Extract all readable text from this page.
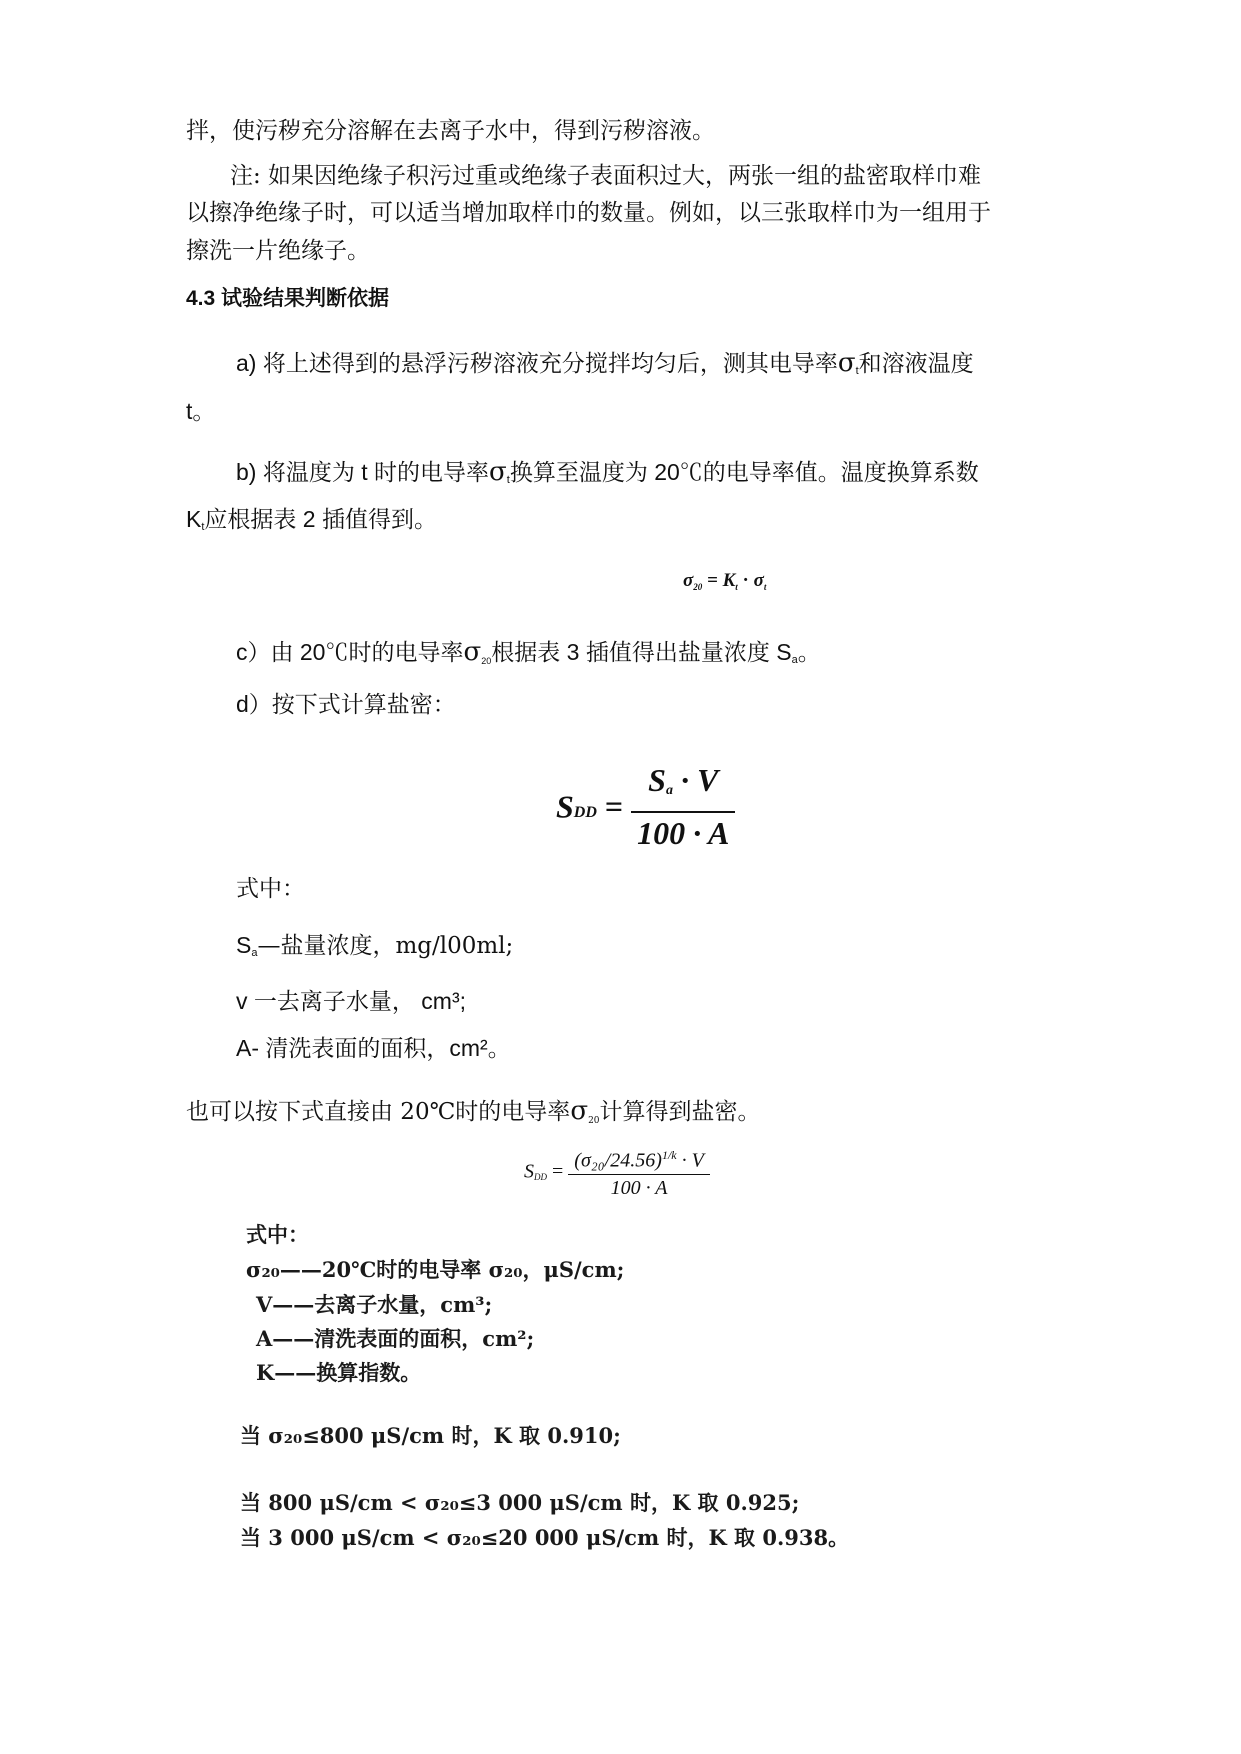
拌，使污秽充分溶解在去离子水中，得到污秽溶液。
注: 如果因绝缘子积污过重或绝缘子表面积过大，两张一组的盐密取样巾难
以擦净绝缘子时，可以适当增加取样巾的数量。例如，以三张取样巾为一组用于
擦洗一片绝缘子。
4.3 试验结果判断依据
a) 将上述得到的悬浮污秽溶液充分搅拌均匀后，测其电导率$\sigma_t$和溶液温度
t。
b) 将温度为 t 时的电导率$\sigma_t$换算至温度为 20℃的电导率值。温度换算系数
$K_t$应根据表 2 插值得到。
$\sigma_{20} = K_t \cdot \sigma_t$
c）由 20℃时的电导率σ20根据表 3 插值得出盐量浓度 $S_a$。
d）按下式计算盐密：
SDD = $\frac{S_a \cdot V}{100 \cdot A}$
式中：
$S_a—$盐量浓度，mg/l00ml;
v 一去离子水量， cm³;
A- 清洗表面的面积，cm²。
也可以按下式直接由 20℃时的电导率σ20计算得到盐密。
$S_{DD} = \frac{(\sigma_{20}/24.56)^{1/k} \cdot V}{100 \cdot A}$
式中：
σ₂₀——20℃时的电导率 σ₂₀，μS/cm;
V——去离子水量，cm³;
A——清洗表面的面积，cm²;
K——换算指数。
当 σ₂₀≤800 μS/cm 时，K 取 0.910;
当 800 μS/cm < σ₂₀≤3 000 μS/cm 时，K 取 0.925;
当 3 000 μS/cm < σ₂₀≤20 000 μS/cm 时，K 取 0.938。
